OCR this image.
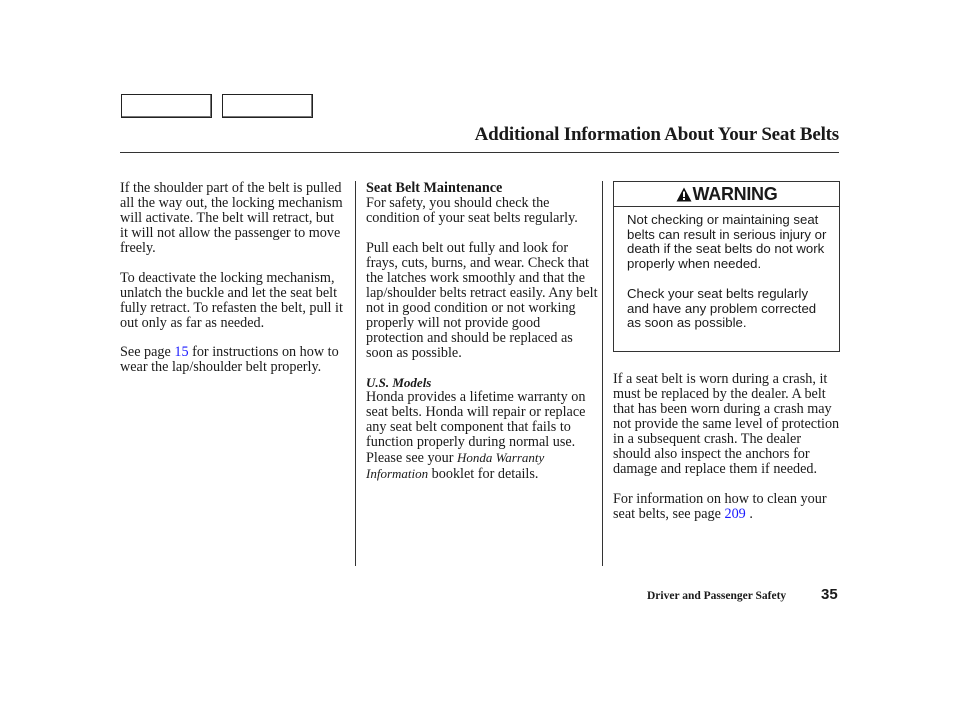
Additional Information About Your Seat Belts

If the shoulder part of the belt is pulled all the way out, the locking mechanism will activate. The belt will retract, but it will not allow the passenger to move freely.

To deactivate the locking mechanism, unlatch the buckle and let the seat belt fully retract. To refasten the belt, pull it out only as far as needed.

See page 15 for instructions on how to wear the lap/shoulder belt properly.

Seat Belt Maintenance
For safety, you should check the condition of your seat belts regularly.

Pull each belt out fully and look for frays, cuts, burns, and wear. Check that the latches work smoothly and that the lap/shoulder belts retract easily. Any belt not in good condition or not working properly will not provide good protection and should be replaced as soon as possible.

U.S. Models
Honda provides a lifetime warranty on seat belts. Honda will repair or replace any seat belt component that fails to function properly during normal use. Please see your Honda Warranty Information booklet for details.

WARNING

Not checking or maintaining seat belts can result in serious injury or death if the seat belts do not work properly when needed.

Check your seat belts regularly and have any problem corrected as soon as possible.

If a seat belt is worn during a crash, it must be replaced by the dealer. A belt that has been worn during a crash may not provide the same level of protection in a subsequent crash. The dealer should also inspect the anchors for damage and replace them if needed.

For information on how to clean your seat belts, see page 209 .

Driver and Passenger Safety 35
